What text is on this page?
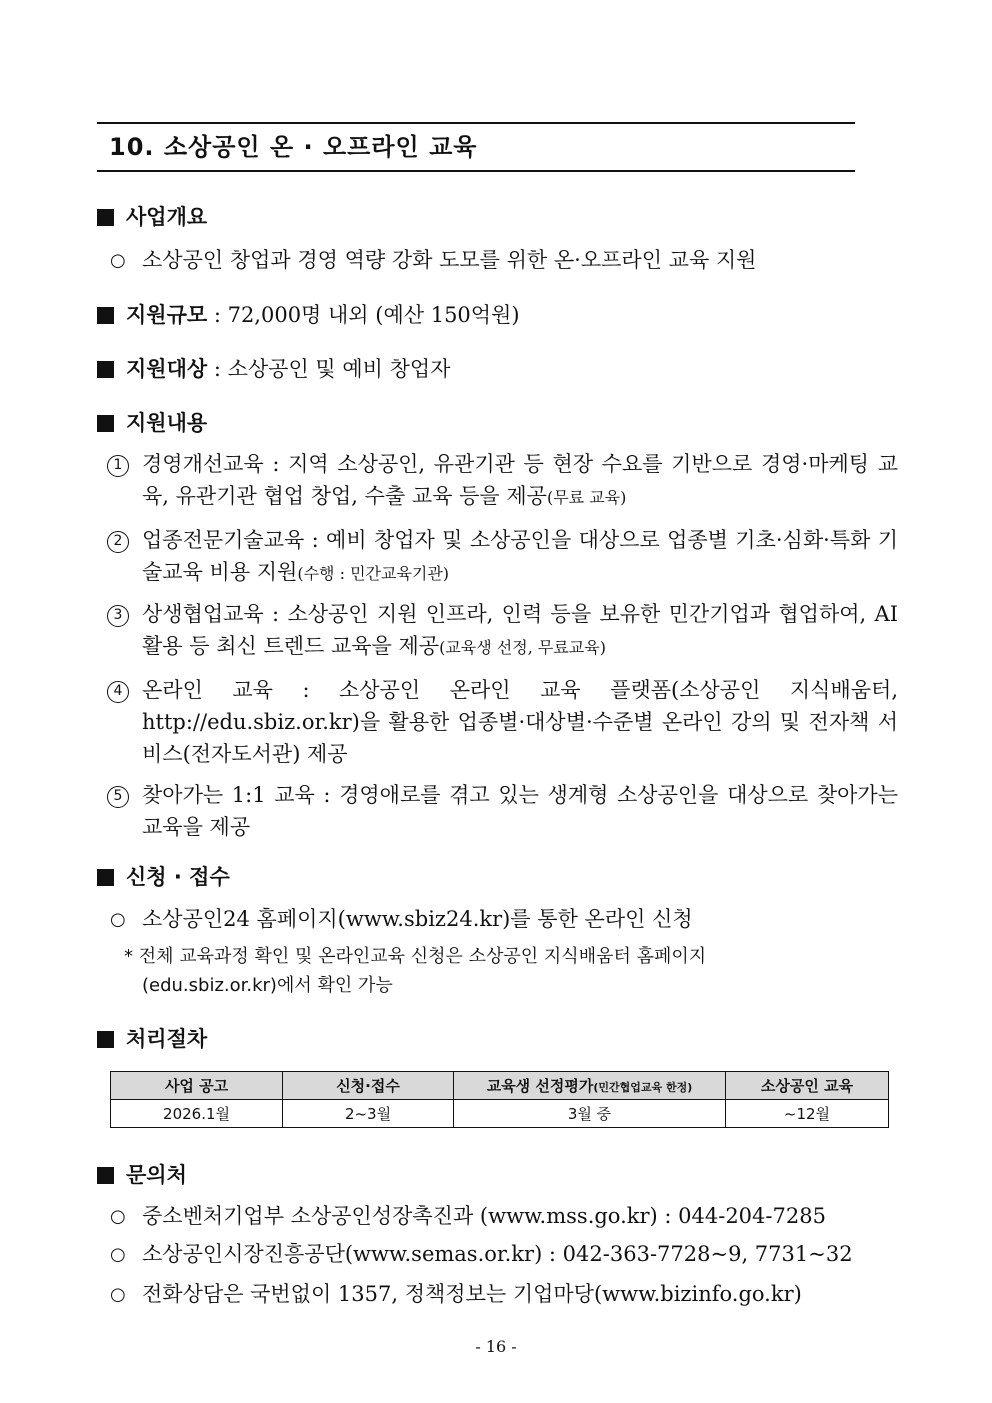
10. 소상공인 온 · 오프라인 교육
사업개요
○ 소상공인 창업과 경영 역량 강화 도모를 위한 온·오프라인 교육 지원
지원규모 : 72,000명 내외 (예산 150억원)
지원대상 : 소상공인 및 예비 창업자
지원내용
1 경영개선교육 : 지역 소상공인, 유관기관 등 현장 수요를 기반으로 경영·마케팅 교육, 유관기관 협업 창업, 수출 교육 등을 제공(무료 교육)
2 업종전문기술교육 : 예비 창업자 및 소상공인을 대상으로 업종별 기초·심화·특화 기술교육 비용 지원(수행 : 민간교육기관)
3 상생협업교육 : 소상공인 지원 인프라, 인력 등을 보유한 민간기업과 협업하여, AI 활용 등 최신 트렌드 교육을 제공(교육생 선정, 무료교육)
4 온라인 교육 : 소상공인 온라인 교육 플랫폼(소상공인 지식배움터, http://edu.sbiz.or.kr)을 활용한 업종별·대상별·수준별 온라인 강의 및 전자책 서비스(전자도서관) 제공
5 찾아가는 1:1 교육 : 경영애로를 겪고 있는 생계형 소상공인을 대상으로 찾아가는 교육을 제공
신청 · 접수
○ 소상공인24 홈페이지(www.sbiz24.kr)를 통한 온라인 신청
* 전체 교육과정 확인 및 온라인교육 신청은 소상공인 지식배움터 홈페이지
(edu.sbiz.or.kr)에서 확인 가능
처리절차
사업 공고	신청·접수	교육생 선정평가(민간협업교육 한정)	소상공인 교육
2026.1월	2~3월	3월 중	~12월
문의처
○ 중소벤처기업부 소상공인성장촉진과 (www.mss.go.kr) : 044-204-7285
○ 소상공인시장진흥공단(www.semas.or.kr) : 042-363-7728~9, 7731~32
○ 전화상담은 국번없이 1357, 정책정보는 기업마당(www.bizinfo.go.kr)
- 16 -
